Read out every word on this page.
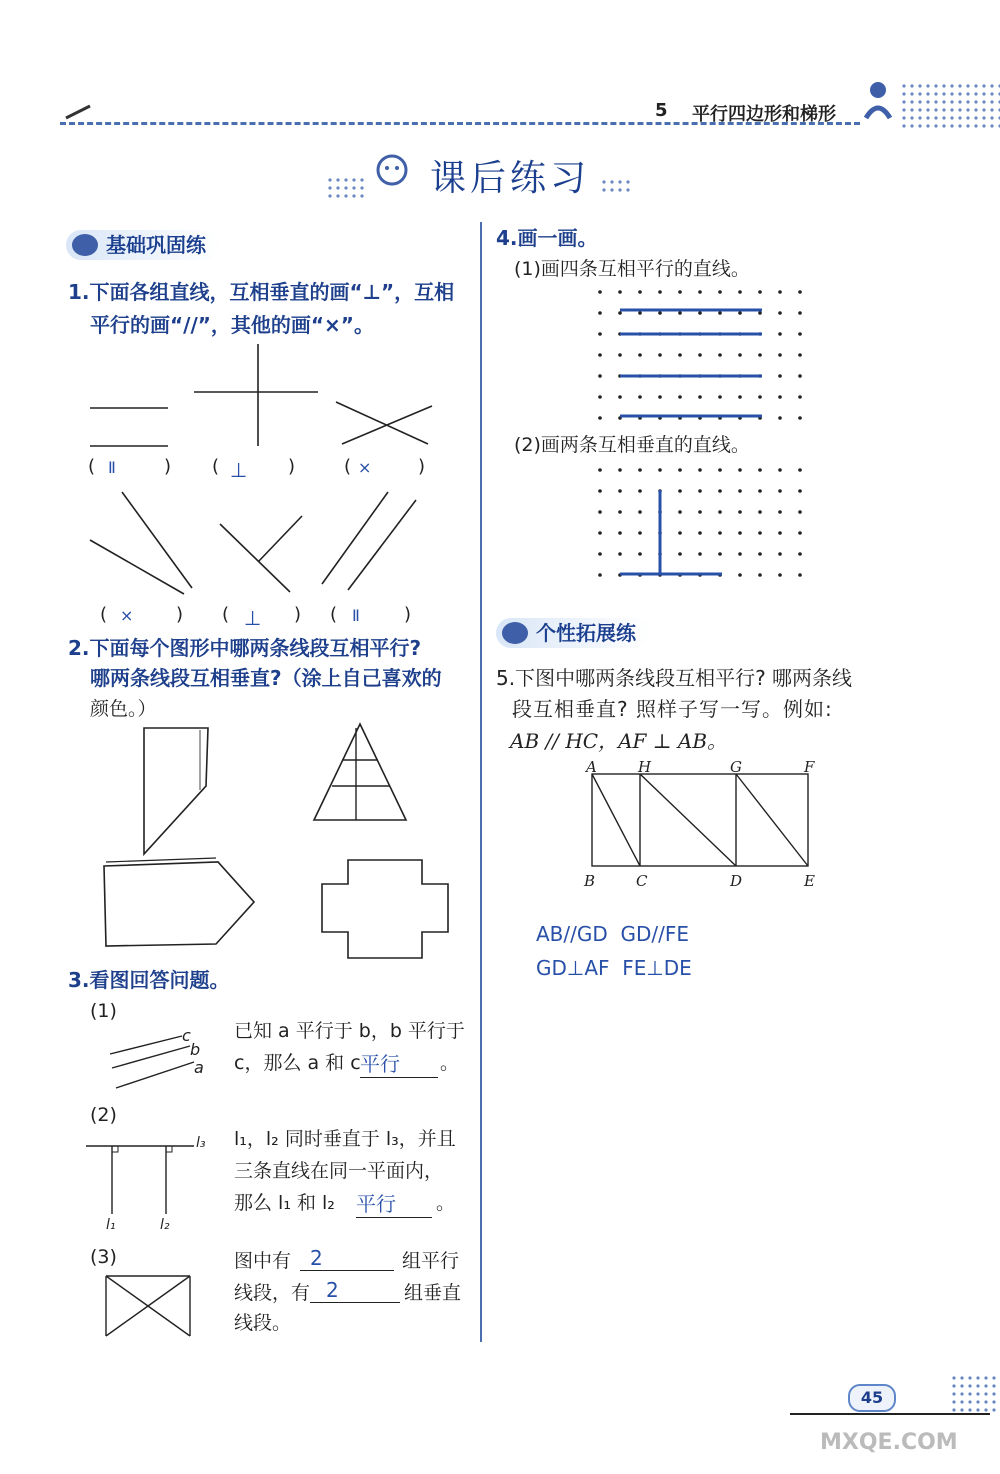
5 平行四边形和梯形
课后练习
基础巩固练
1.下面各组直线，互相垂直的画“⊥”，互相
平行的画“//”，其他的画“×”。
( Ⅱ	) ( ⊥ )	( ×	)
( × ) ( ⊥ ) ( Ⅱ )
2.下面每个图形中哪两条线段互相平行?
哪两条线段互相垂直?（涂上自己喜欢的
颜色。）
3.看图回答问题。
(1)
c
b
a
已知 a 平行于 b，b 平行于
c，那么 a 和 c 平行	。
(2)
l₃
l₁	l₂
l₁，l₂ 同时垂直于 l₃，并且
三条直线在同一平面内，
那么 l₁ 和 l₂ 平行	。
(3)	图中有 2	组平行
线段，有 2	组垂直
线段。
4.画一画。
(1)画四条互相平行的直线。
(2)画两条互相垂直的直线。
个性拓展练
5.下图中哪两条线段互相平行? 哪两条线
段互相垂直? 照样子写一写。例如:
AB // HC，AF ⊥ AB。
A	H	G	F
B	C	D	E
AB//GD  GD//FE
GD⊥AF  FE⊥DE
45
MXQE.COM
